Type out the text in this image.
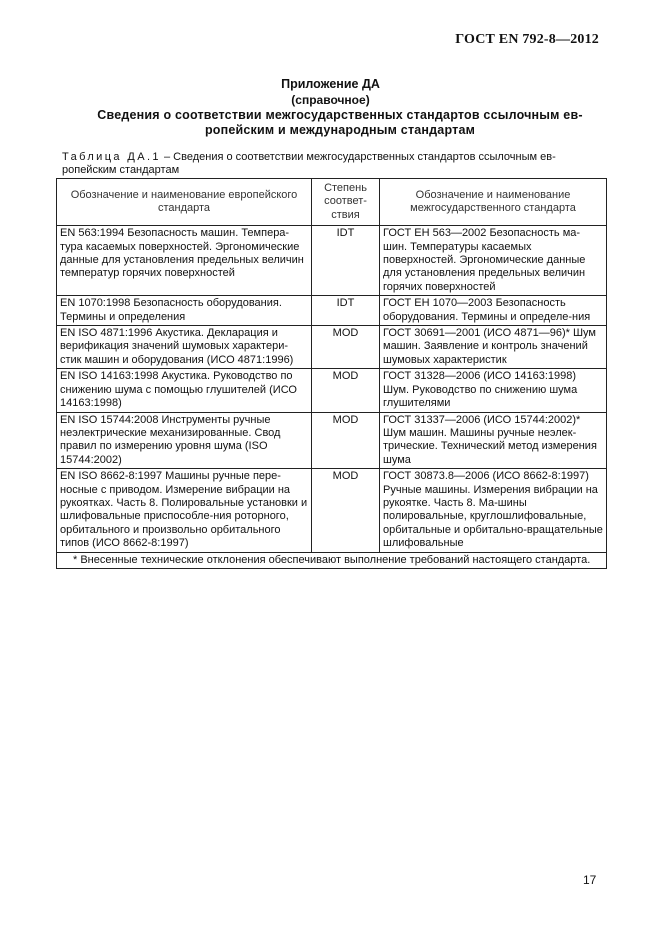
ГОСТ EN 792-8—2012
Приложение ДА
(справочное)
Сведения о соответствии межгосударственных стандартов ссылочным ев-
ропейским и международным стандартам
Таблица ДА.1 – Сведения о соответствии межгосударственных стандартов ссылочным ев-ропейским стандартам
Обозначение и наименование европейского стандарта	Степень соответ-ствия	Обозначение и наименование межгосударственного стандарта
EN 563:1994 Безопасность машин. Темпера-тура касаемых поверхностей. Эргономические данные для установления предельных величин температур горячих поверхностей	IDT	ГОСТ ЕН 563—2002 Безопасность ма-шин. Температуры касаемых поверхностей. Эргономические данные для установления предельных величин горячих поверхностей
EN 1070:1998 Безопасность оборудования. Термины и определения	IDT	ГОСТ ЕН 1070—2003 Безопасность оборудования. Термины и определе-ния
EN ISO 4871:1996 Акустика. Декларация и верификация значений шумовых характери-стик машин и оборудования (ИСО 4871:1996)	MOD	ГОСТ 30691—2001 (ИСО 4871—96)* Шум машин. Заявление и контроль значений шумовых характеристик
EN ISO 14163:1998 Акустика. Руководство по снижению шума с помощью глушителей (ИСО 14163:1998)	MOD	ГОСТ 31328—2006 (ИСО 14163:1998) Шум. Руководство по снижению шума глушителями
EN ISO 15744:2008 Инструменты ручные неэлектрические механизированные. Свод правил по измерению уровня шума (ISO 15744:2002)	MOD	ГОСТ 31337—2006 (ИСО 15744:2002)* Шум машин. Машины ручные неэлек-трические. Технический метод измерения шума
EN ISO 8662-8:1997 Машины ручные пере-носные с приводом. Измерение вибрации на рукоятках. Часть 8. Полировальные установки и шлифовальные приспособле-ния роторного, орбитального и произвольно орбитального типов (ИСО 8662-8:1997)	MOD	ГОСТ 30873.8—2006 (ИСО 8662-8:1997) Ручные машины. Измерения вибрации на рукоятке. Часть 8. Ма-шины полировальные, круглошлифовальные, орбитальные и орбитально-вращательные шлифовальные
* Внесенные технические отклонения обеспечивают выполнение требований настоящего стандарта.		
17
